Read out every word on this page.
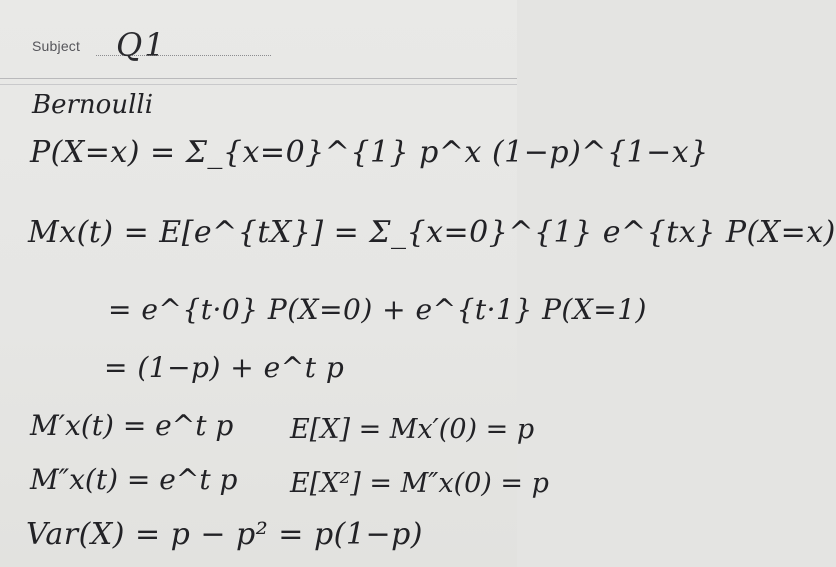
Subject Q1
Bernoulli
P(X=x) = Σ_{x=0}^{1} p^x (1−p)^{1−x}
Mx(t) = E[e^{tX}] = Σ_{x=0}^{1} e^{tx} P(X=x)
= e^{t·0} P(X=0) + e^{t·1} P(X=1)
= (1−p) + e^t p
M′x(t) = e^t p E[X] = Mx′(0) = p
M″x(t) = e^t p E[X²] = M″x(0) = p
Var(X) = p − p² = p(1−p)
